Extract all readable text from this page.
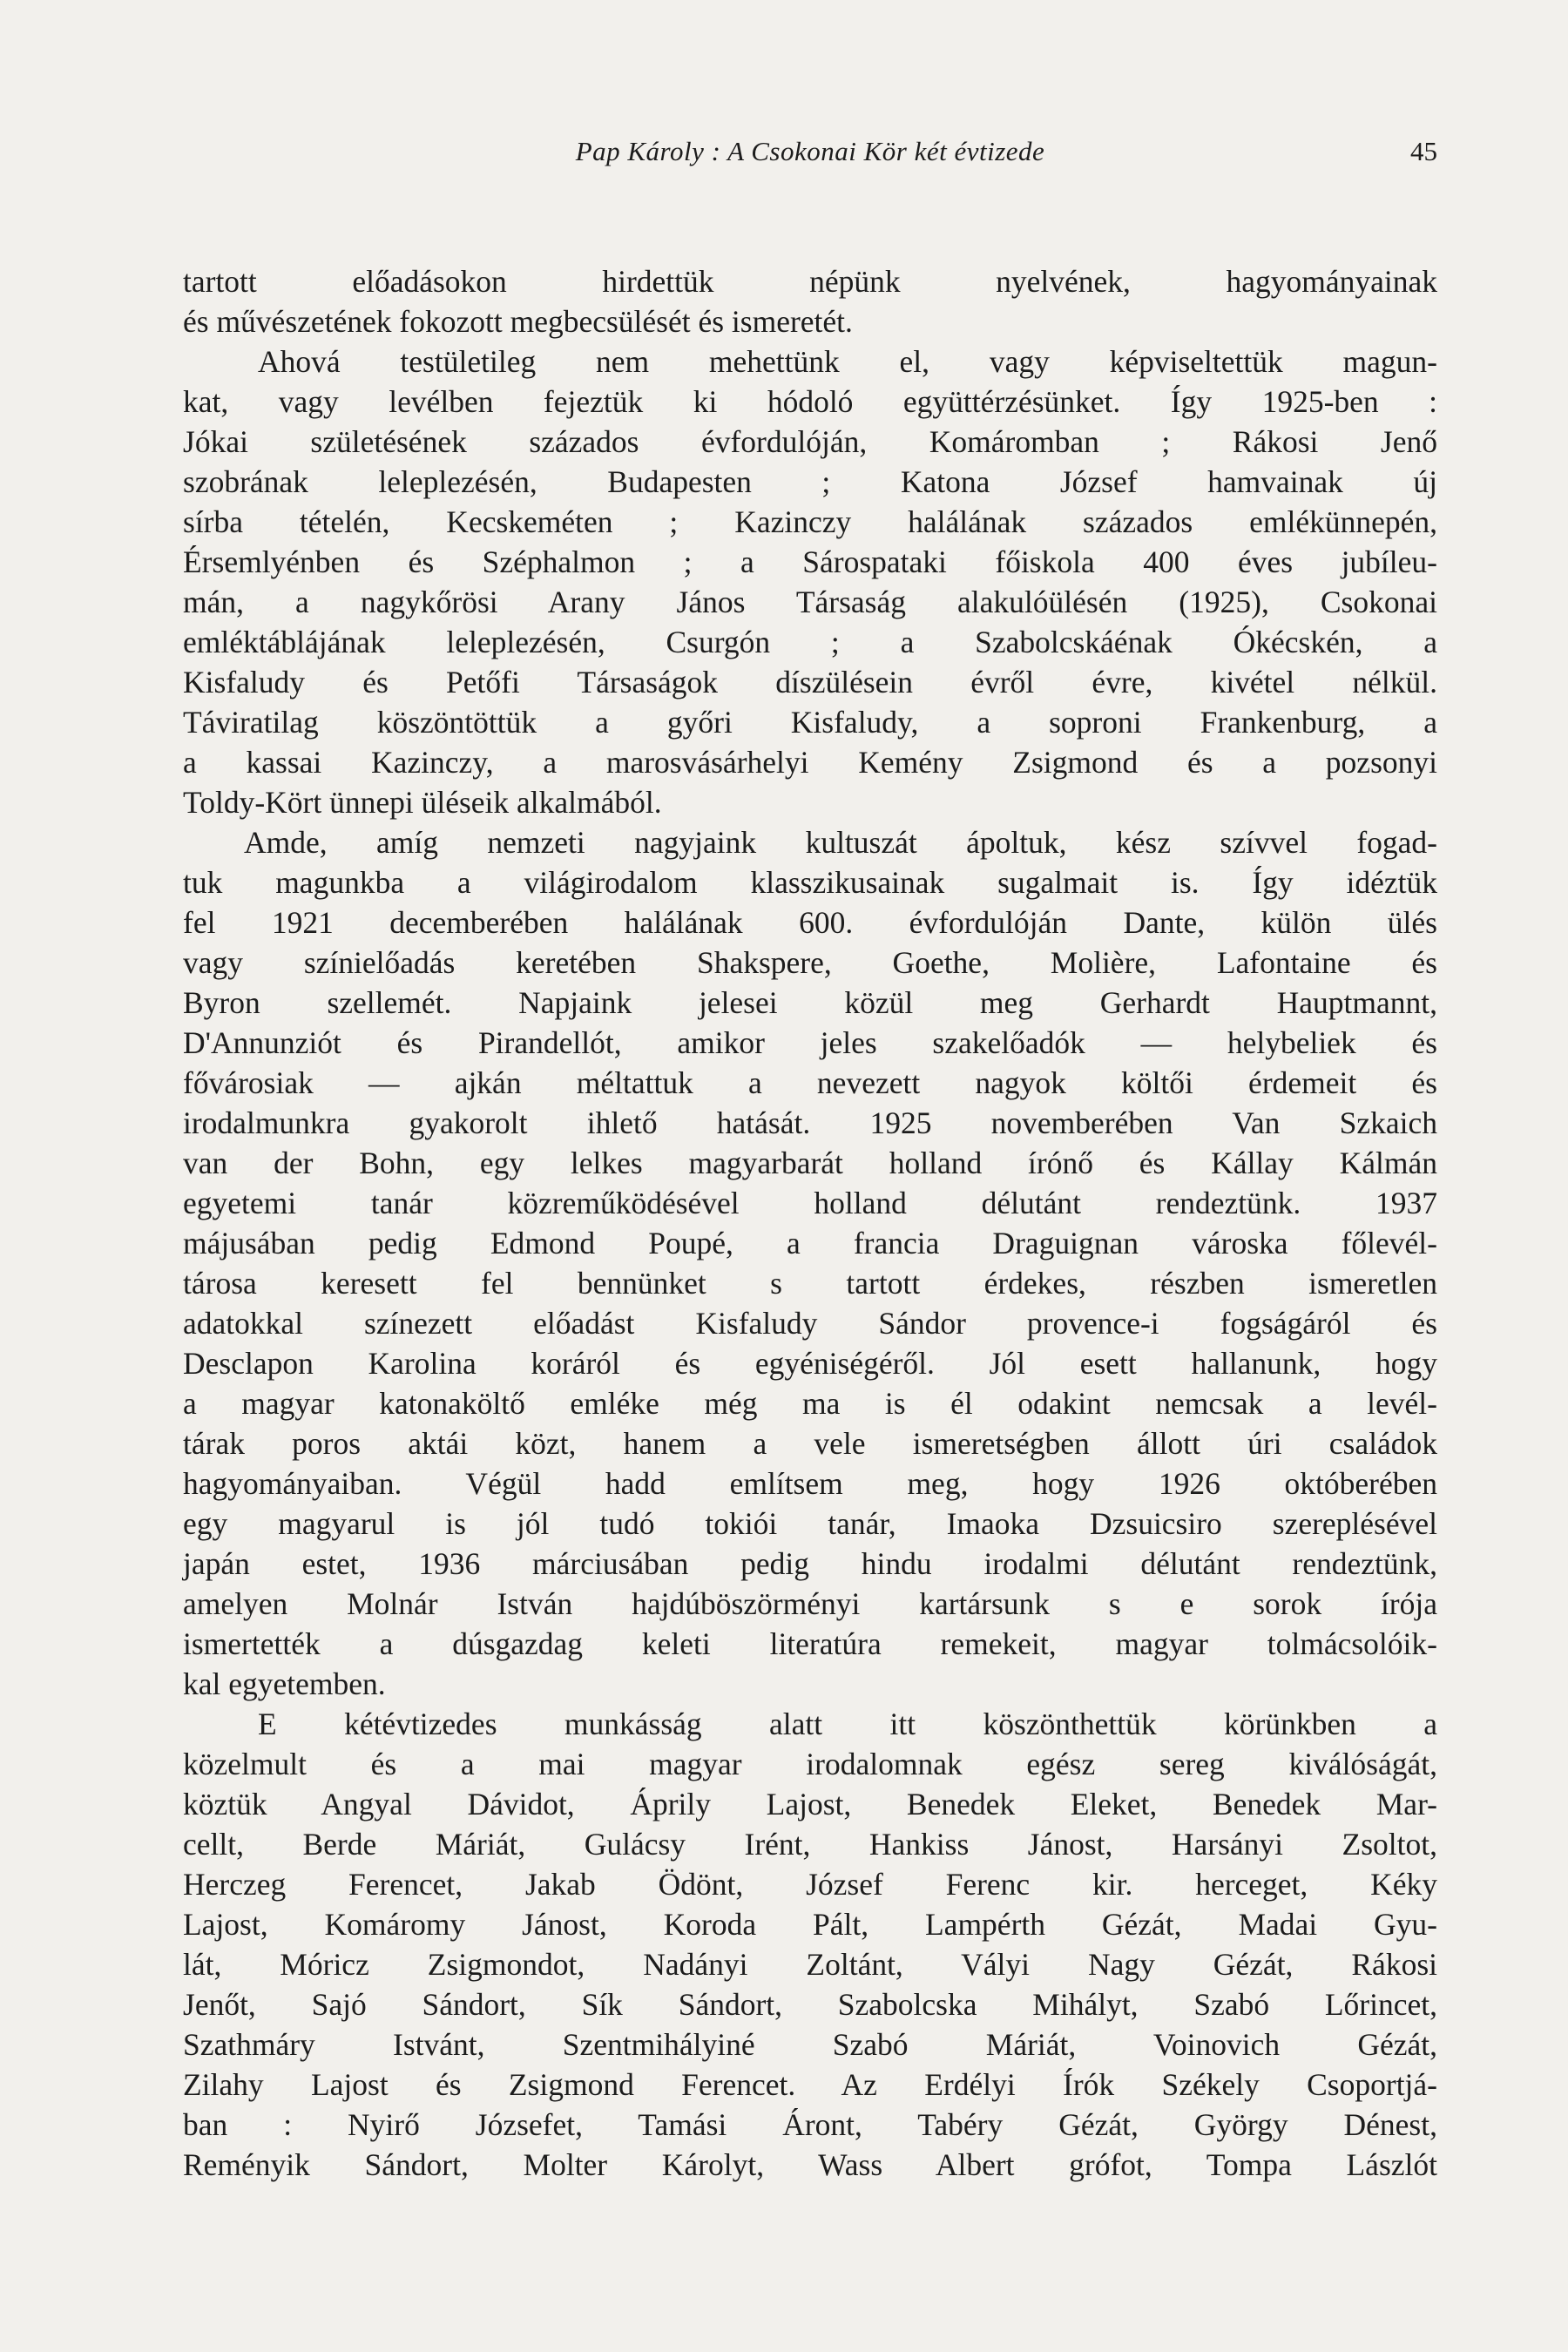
Pap Károly : A Csokonai Kör két évtizede	45
tartott előadásokon hirdettük népünk nyelvének, hagyományainak
és művészetének fokozott megbecsülését és ismeretét.
Ahová testületileg nem mehettünk el, vagy képviseltettük magun-
kat, vagy levélben fejeztük ki hódoló együttérzésünket. Így 1925-ben :
Jókai születésének százados évfordulóján, Komáromban ; Rákosi Jenő
szobrának leleplezésén, Budapesten ; Katona József hamvainak új
sírba tételén, Kecskeméten ; Kazinczy halálának százados emlékünnepén,
Érsemlyénben és Széphalmon ; a Sárospataki főiskola 400 éves jubíleu-
mán, a nagykőrösi Arany János Társaság alakulóülésén (1925), Csokonai
emléktáblájának leleplezésén, Csurgón ; a Szabolcskáénak Ókécskén, a
Kisfaludy és Petőfi Társaságok díszülésein évről évre, kivétel nélkül.
Táviratilag köszöntöttük a győri Kisfaludy, a soproni Frankenburg, a
a kassai Kazinczy, a marosvásárhelyi Kemény Zsigmond és a pozsonyi
Toldy-Kört ünnepi üléseik alkalmából.
Amde, amíg nemzeti nagyjaink kultuszát ápoltuk, kész szívvel fogad-
tuk magunkba a világirodalom klasszikusainak sugalmait is. Így idéztük
fel 1921 decemberében halálának 600. évfordulóján Dante, külön ülés
vagy színielőadás keretében Shakspere, Goethe, Molière, Lafontaine és
Byron szellemét. Napjaink jelesei közül meg Gerhardt Hauptmannt,
D'Annunziót és Pirandellót, amikor jeles szakelőadók — helybeliek és
fővárosiak — ajkán méltattuk a nevezett nagyok költői érdemeit és
irodalmunkra gyakorolt ihlető hatását. 1925 novemberében Van Szkaich
van der Bohn, egy lelkes magyarbarát holland írónő és Kállay Kálmán
egyetemi tanár közreműködésével holland délutánt rendeztünk. 1937
májusában pedig Edmond Poupé, a francia Draguignan városka főlevél-
tárosa keresett fel bennünket s tartott érdekes, részben ismeretlen
adatokkal színezett előadást Kisfaludy Sándor provence-i fogságáról és
Desclapon Karolina koráról és egyéniségéről. Jól esett hallanunk, hogy
a magyar katonaköltő emléke még ma is él odakint nemcsak a levél-
tárak poros aktái közt, hanem a vele ismeretségben állott úri családok
hagyományaiban. Végül hadd említsem meg, hogy 1926 októberében
egy magyarul is jól tudó tokiói tanár, Imaoka Dzsuicsiro szereplésével
japán estet, 1936 márciusában pedig hindu irodalmi délutánt rendeztünk,
amelyen Molnár István hajdúböszörményi kartársunk s e sorok írója
ismertették a dúsgazdag keleti literatúra remekeit, magyar tolmácsolóik-
kal egyetemben.
E kétévtizedes munkásság alatt itt köszönthettük körünkben a
közelmult és a mai magyar irodalomnak egész sereg kiválóságát,
köztük Angyal Dávidot, Áprily Lajost, Benedek Eleket, Benedek Mar-
cellt, Berde Máriát, Gulácsy Irént, Hankiss Jánost, Harsányi Zsoltot,
Herczeg Ferencet, Jakab Ödönt, József Ferenc kir. herceget, Kéky
Lajost, Komáromy Jánost, Koroda Pált, Lampérth Gézát, Madai Gyu-
lát, Móricz Zsigmondot, Nadányi Zoltánt, Vályi Nagy Gézát, Rákosi
Jenőt, Sajó Sándort, Sík Sándort, Szabolcska Mihályt, Szabó Lőrincet,
Szathmáry Istvánt, Szentmihályiné Szabó Máriát, Voinovich Gézát,
Zilahy Lajost és Zsigmond Ferencet. Az Erdélyi Írók Székely Csoportjá-
ban : Nyirő Józsefet, Tamási Áront, Tabéry Gézát, György Dénest,
Reményik Sándort, Molter Károlyt, Wass Albert grófot, Tompa Lászlót
